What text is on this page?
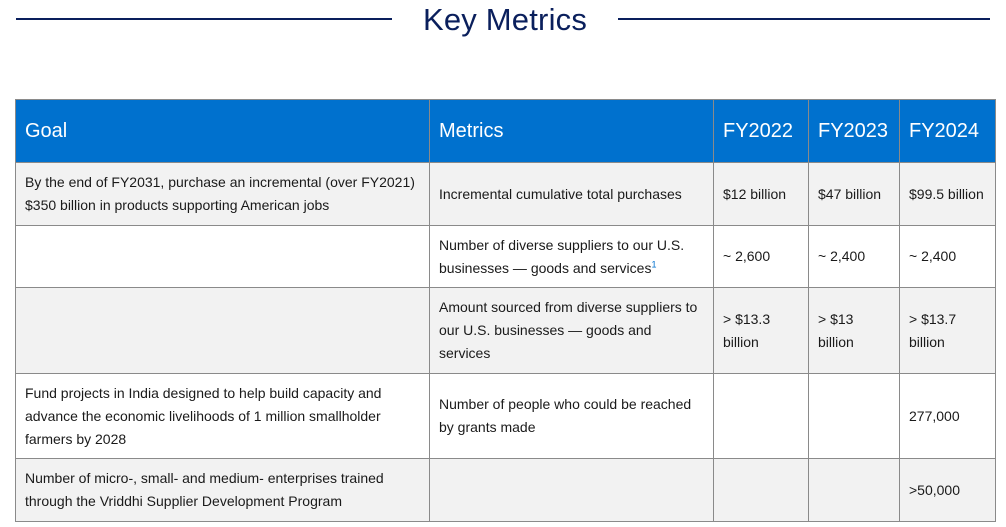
Key Metrics
Goal	Metrics	FY2022	FY2023	FY2024
By the end of FY2031, purchase an incremental (over FY2021) $350 billion in products supporting American jobs	Incremental cumulative total purchases	$12 billion	$47 billion	$99.5 billion
	Number of diverse suppliers to our U.S. businesses — goods and services$^1$	~ 2,600	~ 2,400	~ 2,400
	Amount sourced from diverse suppliers to our U.S. businesses — goods and services	> $13.3 billion	> $13 billion	> $13.7 billion
Fund projects in India designed to help build capacity and advance the economic livelihoods of 1 million smallholder farmers by 2028	Number of people who could be reached by grants made			277,000
Number of micro-, small- and medium- enterprises trained through the Vriddhi Supplier Development Program				>50,000
